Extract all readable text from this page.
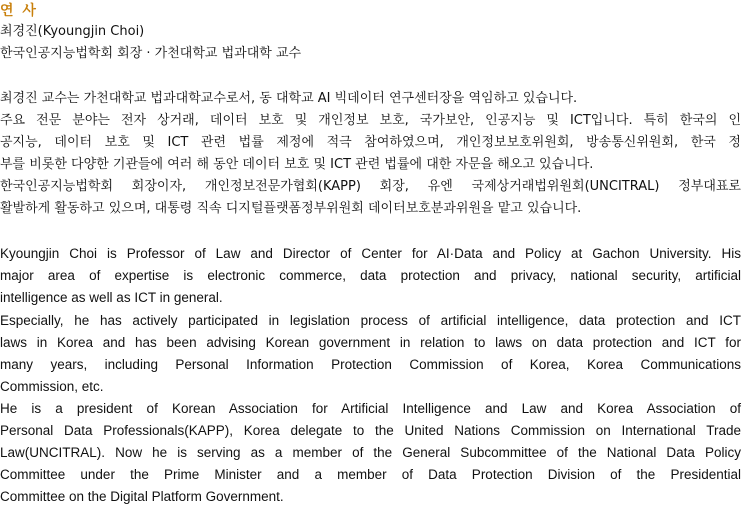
연 사
최경진(Kyoungjin Choi)
한국인공지능법학회 회장 · 가천대학교 법과대학 교수
최경진 교수는 가천대학교 법과대학교수로서, 동 대학교 AI 빅데이터 연구센터장을 역임하고 있습니다.
주요 전문 분야는 전자 상거래, 데이터 보호 및 개인정보 보호, 국가보안, 인공지능 및 ICT입니다. 특히 한국의 인
공지능, 데이터 보호 및 ICT 관련 법률 제정에 적극 참여하였으며, 개인정보보호위원회, 방송통신위원회, 한국 정
부를 비롯한 다양한 기관들에 여러 해 동안 데이터 보호 및 ICT 관련 법률에 대한 자문을 해오고 있습니다.
한국인공지능법학회 회장이자, 개인정보전문가협회(KAPP) 회장, 유엔 국제상거래법위원회(UNCITRAL) 정부대표로
활발하게 활동하고 있으며, 대통령 직속 디지털플랫폼정부위원회 데이터보호분과위원을 맡고 있습니다.
Kyoungjin Choi is Professor of Law and Director of Center for AI·Data and Policy at Gachon University. His
major area of expertise is electronic commerce, data protection and privacy, national security, artificial
intelligence as well as ICT in general.
Especially, he has actively participated in legislation process of artificial intelligence, data protection and ICT
laws in Korea and has been advising Korean government in relation to laws on data protection and ICT for
many years, including Personal Information Protection Commission of Korea, Korea Communications
Commission, etc.
He is a president of Korean Association for Artificial Intelligence and Law and Korea Association of
Personal Data Professionals(KAPP), Korea delegate to the United Nations Commission on International Trade
Law(UNCITRAL). Now he is serving as a member of the General Subcommittee of the National Data Policy
Committee under the Prime Minister and a member of Data Protection Division of the Presidential
Committee on the Digital Platform Government.
